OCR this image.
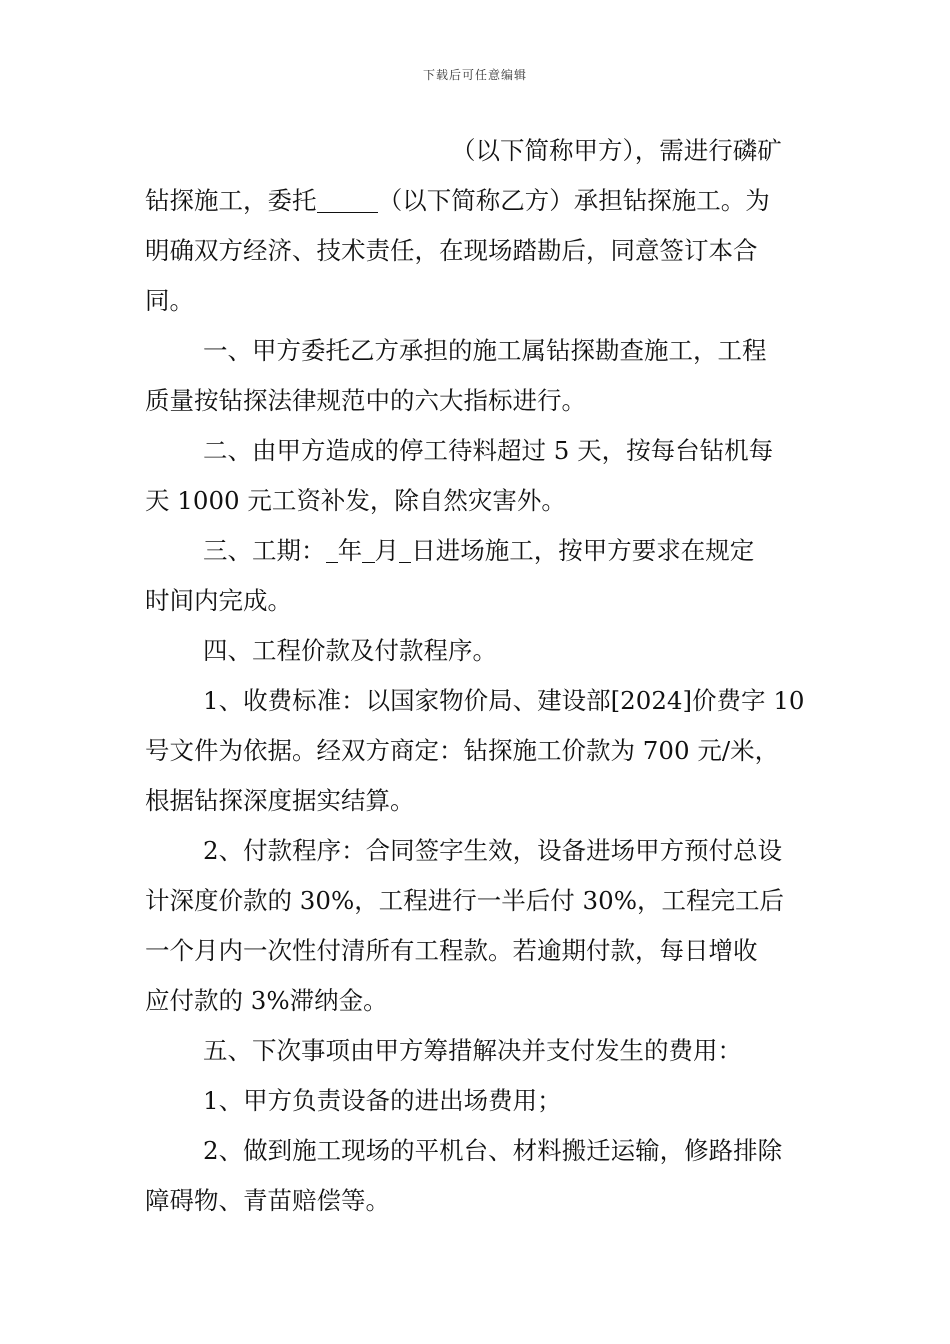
下载后可任意编辑
（以下简称甲方），需进行磷矿
钻探施工，委托   	（以下简称乙方）承担钻探施工。为
明确双方经济、技术责任，在现场踏勘后，同意签订本合
同。
一、甲方委托乙方承担的施工属钻探勘查施工，工程
质量按钻探法律规范中的六大指标进行。
二、由甲方造成的停工待料超过 5 天，按每台钻机每
天 1000 元工资补发，除自然灾害外。
三、工期：  年  月  日进场施工，按甲方要求在规定
时间内完成。
四、工程价款及付款程序。
1、收费标准：以国家物价局、建设部[2024]价费字 10
号文件为依据。经双方商定：钻探施工价款为 700 元/米，
根据钻探深度据实结算。
2、付款程序：合同签字生效，设备进场甲方预付总设
计深度价款的 30%，工程进行一半后付 30%，工程完工后
一个月内一次性付清所有工程款。若逾期付款，每日增收
应付款的 3%滞纳金。
五、下次事项由甲方筹措解决并支付发生的费用：
1、甲方负责设备的进出场费用；
2、做到施工现场的平机台、材料搬迁运输，修路排除
障碍物、青苗赔偿等。
